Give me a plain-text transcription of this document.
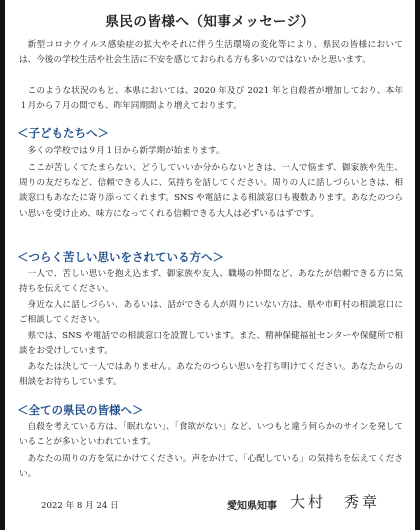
県民の皆様へ（知事メッセージ）

新型コロナウイルス感染症の拡大やそれに伴う生活環境の変化等により、県民の皆様においては、今後の学校生活や社会生活に不安を感じておられる方も多いのではないかと思います。

このような状況のもと、本県においては、2020 年及び 2021 年と自殺者が増加しており、本年１月から７月の間でも、昨年同期間より増えております。

＜子どもたちへ＞

多くの学校では９月１日から新学期が始まります。

ここが苦しくてたまらない、どうしていいか分からないときは、一人で悩まず、御家族や先生、周りの友だちなど、信頼できる人に、気持ちを話してください。周りの人に話しづらいときは、相談窓口もあなたに寄り添ってくれます。SNS や電話による相談窓口も複数あります。あなたのつらい思いを受け止め、味方になってくれる信頼できる大人は必ずいるはずです。

＜つらく苦しい思いをされている方へ＞

一人で、苦しい思いを抱え込まず、御家族や友人、職場の仲間など、あなたが信頼できる方に気持ちを伝えてください。

身近な人に話しづらい、あるいは、話ができる人が周りにいない方は、県や市町村の相談窓口にご相談してください。

県では、SNS や電話での相談窓口を設置しています。また、精神保健福祉センターや保健所で相談をお受けしています。

あなたは決して一人ではありません。あなたのつらい思いを打ち明けてください。あなたからの相談をお待ちしています。

＜全ての県民の皆様へ＞

自殺を考えている方は、「眠れない」、「食欲がない」など、いつもと違う何らかのサインを発していることが多いといわれています。

あなたの周りの方を気にかけてください。声をかけて、「心配している」の気持ちを伝えてください。

2022 年 8 月 24 日	愛知県知事 大村　秀章
